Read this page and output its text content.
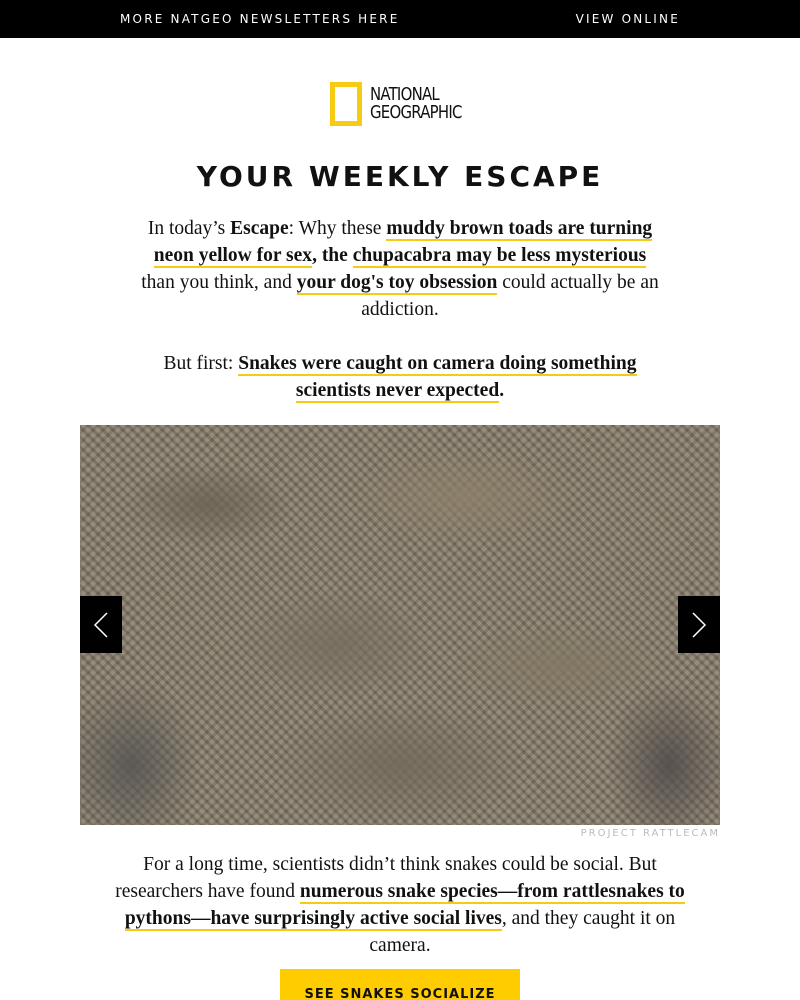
MORE NATGEO NEWSLETTERS HERE	VIEW ONLINE
NATIONAL
GEOGRAPHIC
YOUR WEEKLY ESCAPE

In today’s Escape: Why these muddy brown toads are turning neon yellow for sex, the chupacabra may be less mysterious than you think, and your dog's toy obsession could actually be an addiction.

But first: Snakes were caught on camera doing something scientists never expected.

PROJECT RATTLECAM

For a long time, scientists didn’t think snakes could be social. But researchers have found numerous snake species—from rattlesnakes to pythons—have surprisingly active social lives, and they caught it on camera.

SEE SNAKES SOCIALIZE
